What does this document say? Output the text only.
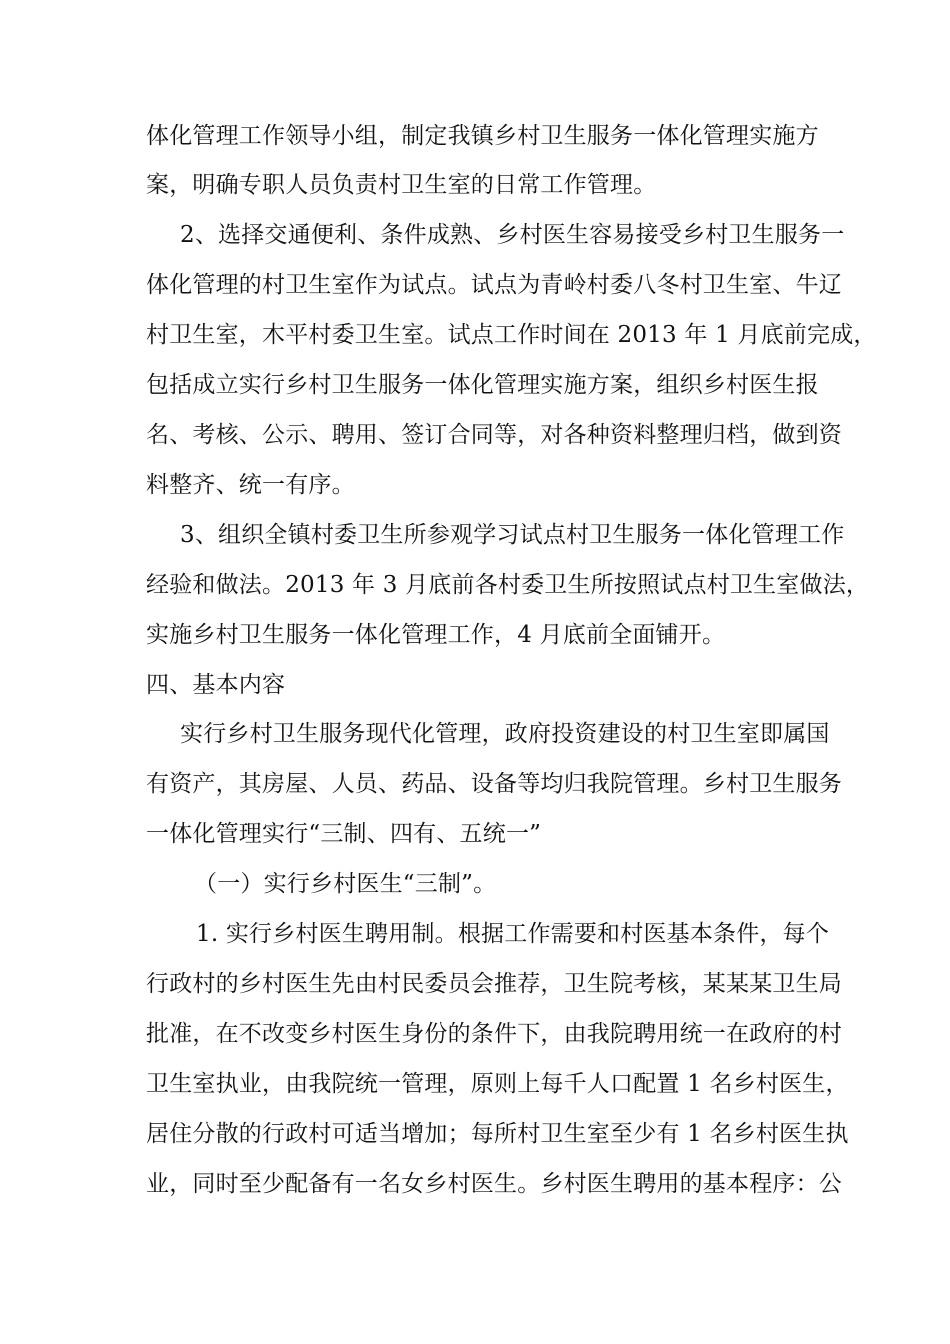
体化管理工作领导小组，制定我镇乡村卫生服务一体化管理实施方
案，明确专职人员负责村卫生室的日常工作管理。
2、选择交通便利、条件成熟、乡村医生容易接受乡村卫生服务一
体化管理的村卫生室作为试点。试点为青岭村委八冬村卫生室、牛辽
村卫生室，木平村委卫生室。试点工作时间在 2013 年 1 月底前完成，
包括成立实行乡村卫生服务一体化管理实施方案，组织乡村医生报
名、考核、公示、聘用、签订合同等，对各种资料整理归档，做到资
料整齐、统一有序。
3、组织全镇村委卫生所参观学习试点村卫生服务一体化管理工作
经验和做法。2013 年 3 月底前各村委卫生所按照试点村卫生室做法，
实施乡村卫生服务一体化管理工作，4 月底前全面铺开。
四、基本内容
实行乡村卫生服务现代化管理，政府投资建设的村卫生室即属国
有资产，其房屋、人员、药品、设备等均归我院管理。乡村卫生服务
一体化管理实行“三制、四有、五统一”
（一）实行乡村医生“三制”。
1. 实行乡村医生聘用制。根据工作需要和村医基本条件，每个
行政村的乡村医生先由村民委员会推荐，卫生院考核，某某某卫生局
批准，在不改变乡村医生身份的条件下，由我院聘用统一在政府的村
卫生室执业，由我院统一管理，原则上每千人口配置 1 名乡村医生，
居住分散的行政村可适当增加；每所村卫生室至少有 1 名乡村医生执
业，同时至少配备有一名女乡村医生。乡村医生聘用的基本程序：公
